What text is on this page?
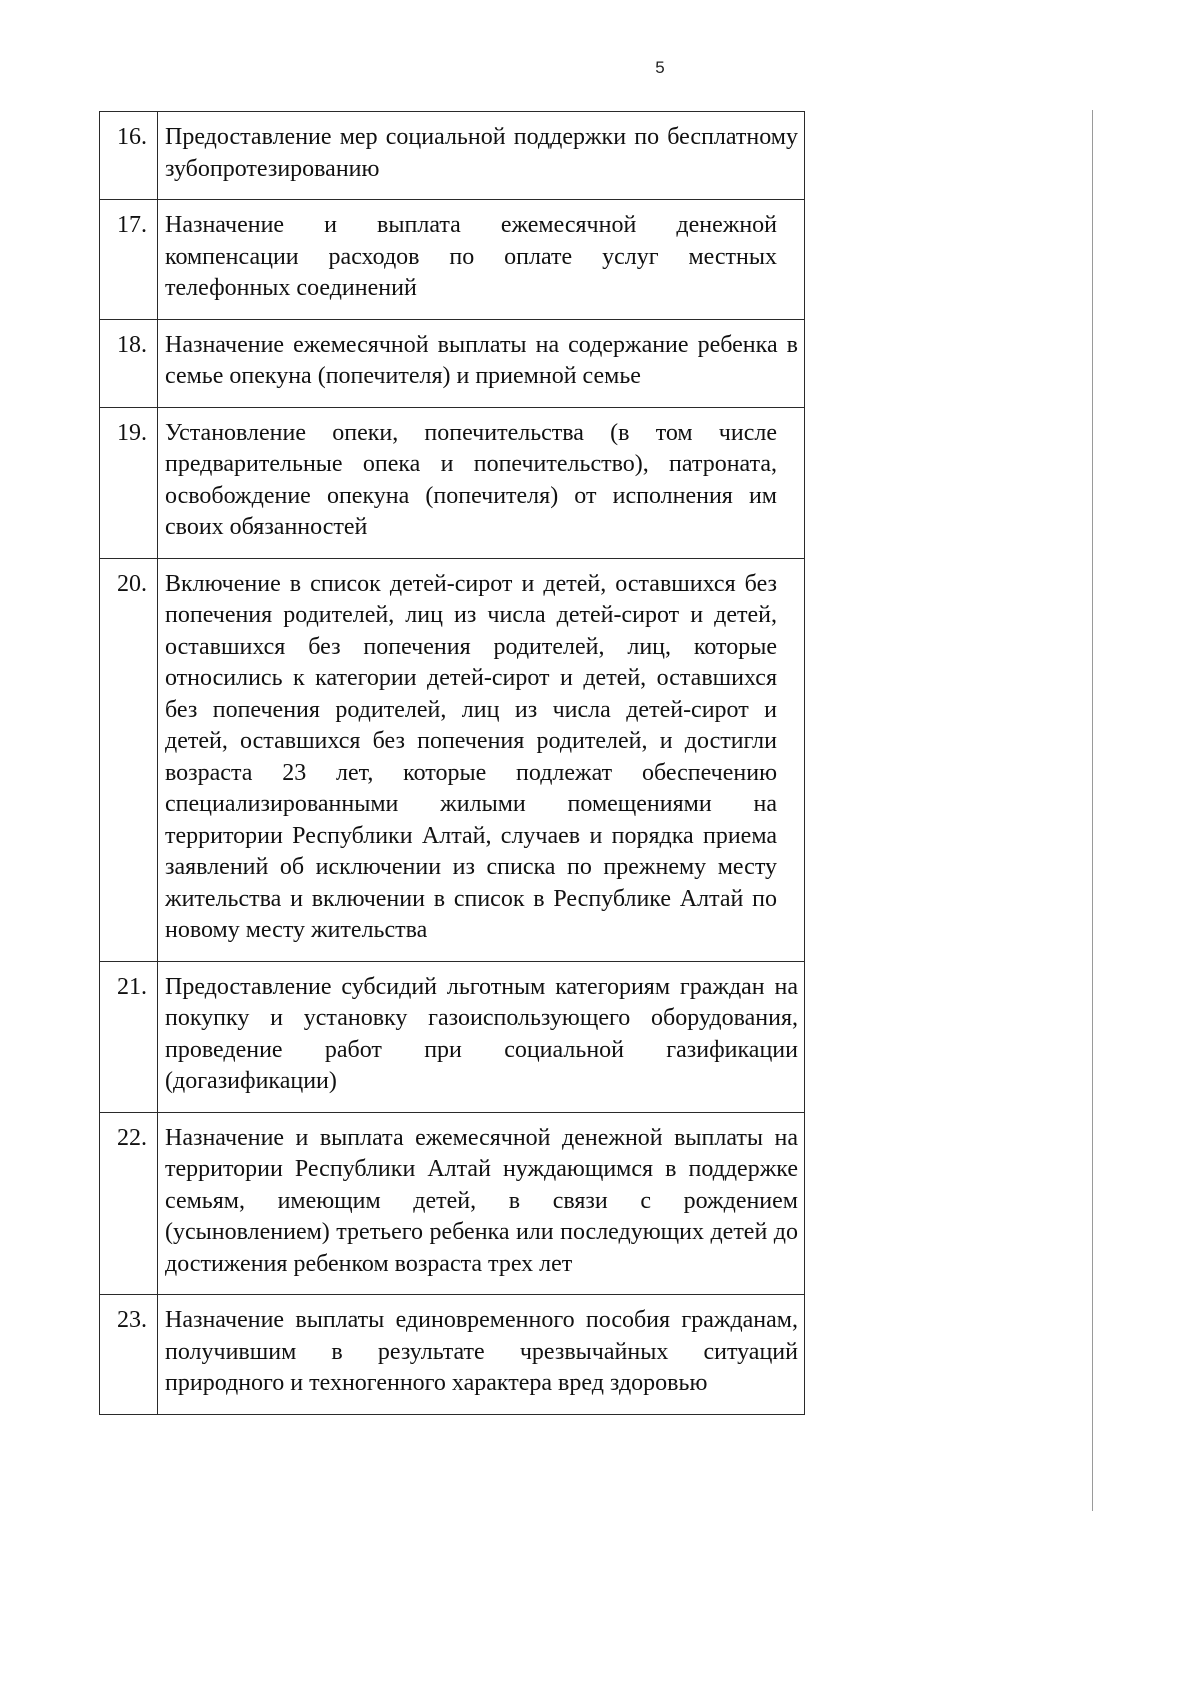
5
16.	Предоставление мер социальной поддержки по бесплатному зубопротезированию
17.	Назначение и выплата ежемесячной денежной компенсации расходов по оплате услуг местных телефонных соединений
18.	Назначение ежемесячной выплаты на содержание ребенка в семье опекуна (попечителя) и приемной семье
19.	Установление опеки, попечительства (в том числе предварительные опека и попечительство), патроната, освобождение опекуна (попечителя) от исполнения им своих обязанностей
20.	Включение в список детей-сирот и детей, оставшихся без попечения родителей, лиц из числа детей-сирот и детей, оставшихся без попечения родителей, лиц, которые относились к категории детей-сирот и детей, оставшихся без попечения родителей, лиц из числа детей-сирот и детей, оставшихся без попечения родителей, и достигли возраста 23 лет, которые подлежат обеспечению специализированными жилыми помещениями на территории Республики Алтай, случаев и порядка приема заявлений об исключении из списка по прежнему месту жительства и включении в список в Республике Алтай по новому месту жительства
21.	Предоставление субсидий льготным категориям граждан на покупку и установку газоиспользующего оборудования, проведение работ при социальной газификации (догазификации)
22.	Назначение и выплата ежемесячной денежной выплаты на территории Республики Алтай нуждающимся в поддержке семьям, имеющим детей, в связи с рождением (усыновлением) третьего ребенка или последующих детей до достижения ребенком возраста трех лет
23.	Назначение выплаты единовременного пособия гражданам, получившим в результате чрезвычайных ситуаций природного и техногенного характера вред здоровью
